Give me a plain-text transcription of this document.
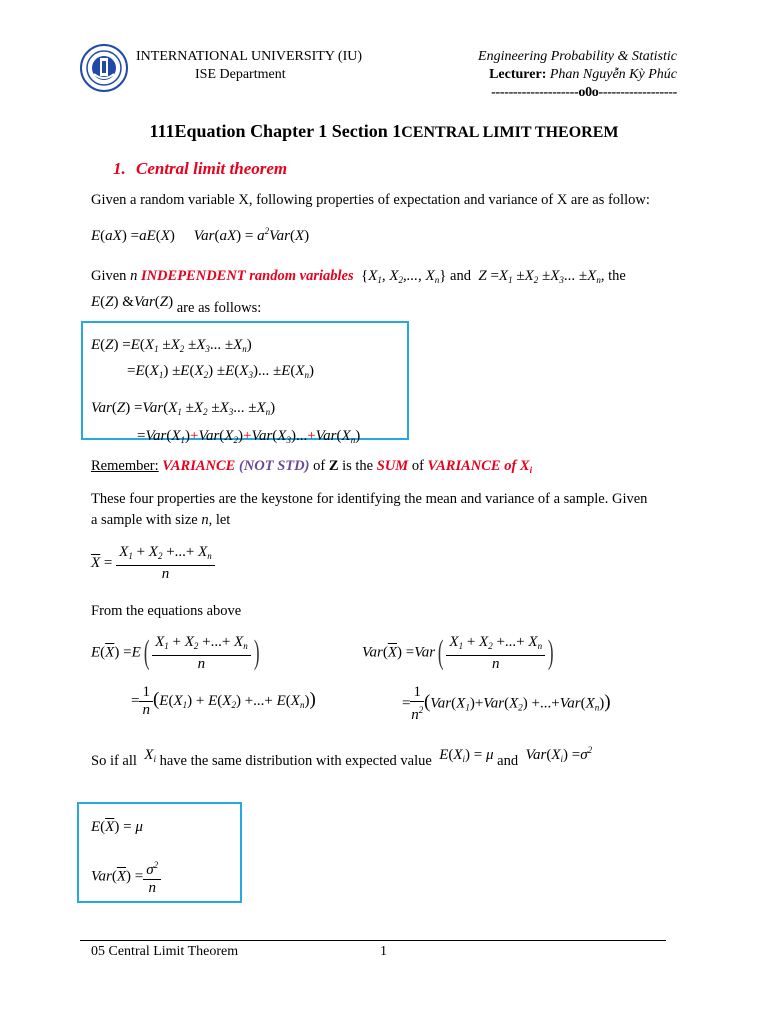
INTERNATIONAL UNIVERSITY (IU)
ISE Department
Engineering Probability & Statistic
Lecturer: Phan Nguyễn Kỳ Phúc
--------------------o0o------------------
111Equation Chapter 1 Section 1CENTRAL LIMIT THEOREM
1. Central limit theorem
Given a random variable X, following properties of expectation and variance of X are as follow:
E(aX) =aE(X)     $Var(aX) = a^2Var(X)$
Given n INDEPENDENT random variables {$X_1$, $X_2$,..., $X_n$} and  $Z =X_1 \pm X_2 \pm X_3$... $\pm X_n$, the
E(Z) &Var(Z) are as follows:
$E(Z) =E(X_1 \pm X_2 \pm X_3$... $\pm X_n$)
$=E(X_1) \pm E(X_2) \pm E(X_3)$... $\pm E(X_n)$
$Var(Z) =Var(X_1 \pm X_2 \pm X_3$... $\pm X_n$)
$=Var(X_1)+Var(X_2)+Var(X_3)...+Var(X_n)$
Remember: VARIANCE (NOT STD) of Z is the SUM of VARIANCE of $X_i$
These four properties are the keystone for identifying the mean and variance of a sample. Given
a sample with size n, let
$\overline{X} = \frac{X_1 + X_2 +...+ X_n}{n}$
From the equations above
$E(\overline{X}) =E( \frac{X_1 + X_2 +...+ X_n}{n}$ )
= $\frac{1}{n} (E(X_1) + E(X_2)$ +...+ $E(X_n)$)
$Var(\overline{X}) =Var( \frac{X_1 + X_2 +...+ X_n}{n}$ )
= $\frac{1}{n^2} (Var(X_1)+Var(X_2) +...+Var(X_n))$
So if all  $X_i$ have the same distribution with expected value  $E(X_i) = \mu$ and  $Var(X_i) =\sigma^2$
$E(\overline{X}) = \mu$
$Var(\overline{X}) = \frac{\sigma^2}{n}$
05 Central Limit Theorem	1
